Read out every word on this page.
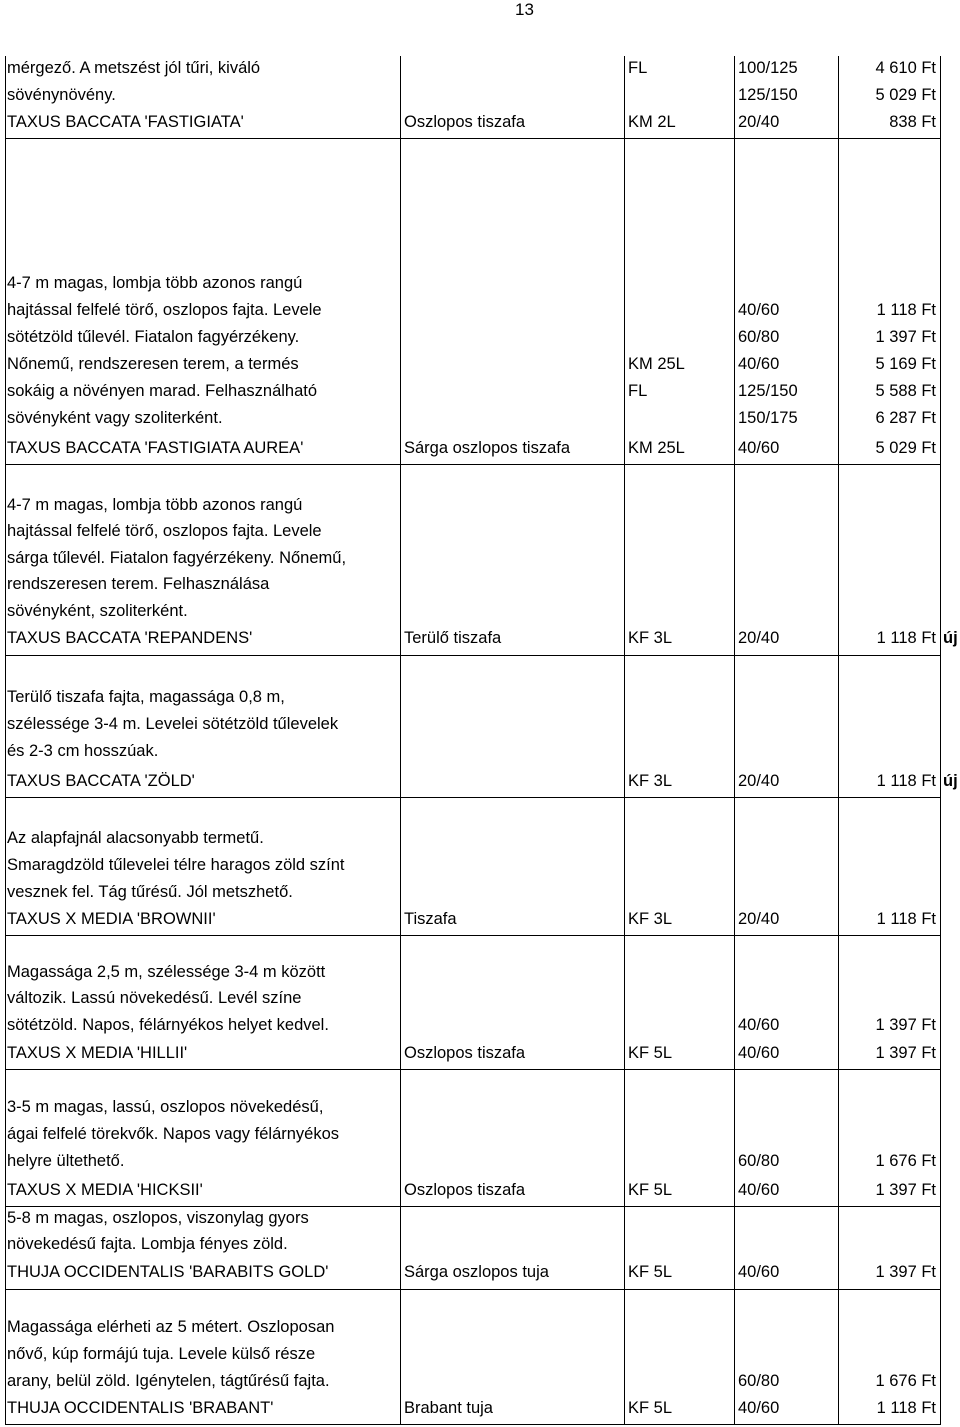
13
mérgező. A metszést jól tűri, kiváló	FL	100/125	4 610 Ft
sövénynövény.	125/150	5 029 Ft
TAXUS BACCATA 'FASTIGIATA'	Oszlopos tiszafa	KM 2L	20/40	838 Ft
4-7 m magas, lombja több azonos rangú
hajtással felfelé törő, oszlopos fajta. Levele	40/60	1 118 Ft
sötétzöld tűlevél. Fiatalon fagyérzékeny.	60/80	1 397 Ft
Nőnemű, rendszeresen terem, a termés	KM 25L	40/60	5 169 Ft
sokáig a növényen marad. Felhasználható	FL	125/150	5 588 Ft
sövényként vagy szoliterként.	150/175	6 287 Ft
TAXUS BACCATA 'FASTIGIATA AUREA'	Sárga oszlopos tiszafa	KM 25L	40/60	5 029 Ft
4-7 m magas, lombja több azonos rangú
hajtással felfelé törő, oszlopos fajta. Levele
sárga tűlevél. Fiatalon fagyérzékeny. Nőnemű,
rendszeresen terem. Felhasználása
sövényként, szoliterként.
TAXUS BACCATA 'REPANDENS'	Terülő tiszafa	KF 3L	20/40	1 118 Ft új
Terülő tiszafa fajta, magassága 0,8 m,
szélessége 3-4 m. Levelei sötétzöld tűlevelek
és 2-3 cm hosszúak.
TAXUS BACCATA 'ZÖLD'	KF 3L	20/40	1 118 Ft új
Az alapfajnál alacsonyabb termetű.
Smaragdzöld tűlevelei télre haragos zöld színt
vesznek fel. Tág tűrésű. Jól metszhető.
TAXUS X MEDIA 'BROWNII'	Tiszafa	KF 3L	20/40	1 118 Ft
Magassága 2,5 m, szélessége 3-4 m között
változik. Lassú növekedésű. Levél színe
sötétzöld. Napos, félárnyékos helyet kedvel.	40/60	1 397 Ft
TAXUS X MEDIA 'HILLII'	Oszlopos tiszafa	KF 5L	40/60	1 397 Ft
3-5 m magas, lassú, oszlopos növekedésű,
ágai felfelé törekvők. Napos vagy félárnyékos
helyre ültethető.	60/80	1 676 Ft
TAXUS X MEDIA 'HICKSII'	Oszlopos tiszafa	KF 5L	40/60	1 397 Ft
5-8 m magas, oszlopos, viszonylag gyors
növekedésű fajta. Lombja fényes zöld.
THUJA OCCIDENTALIS 'BARABITS GOLD'	Sárga oszlopos tuja	KF 5L	40/60	1 397 Ft
Magassága elérheti az 5 métert. Oszloposan
nővő, kúp formájú tuja. Levele külső része
arany, belül zöld. Igénytelen, tágtűrésű fajta.	60/80	1 676 Ft
THUJA OCCIDENTALIS 'BRABANT'	Brabant tuja	KF 5L	40/60	1 118 Ft
